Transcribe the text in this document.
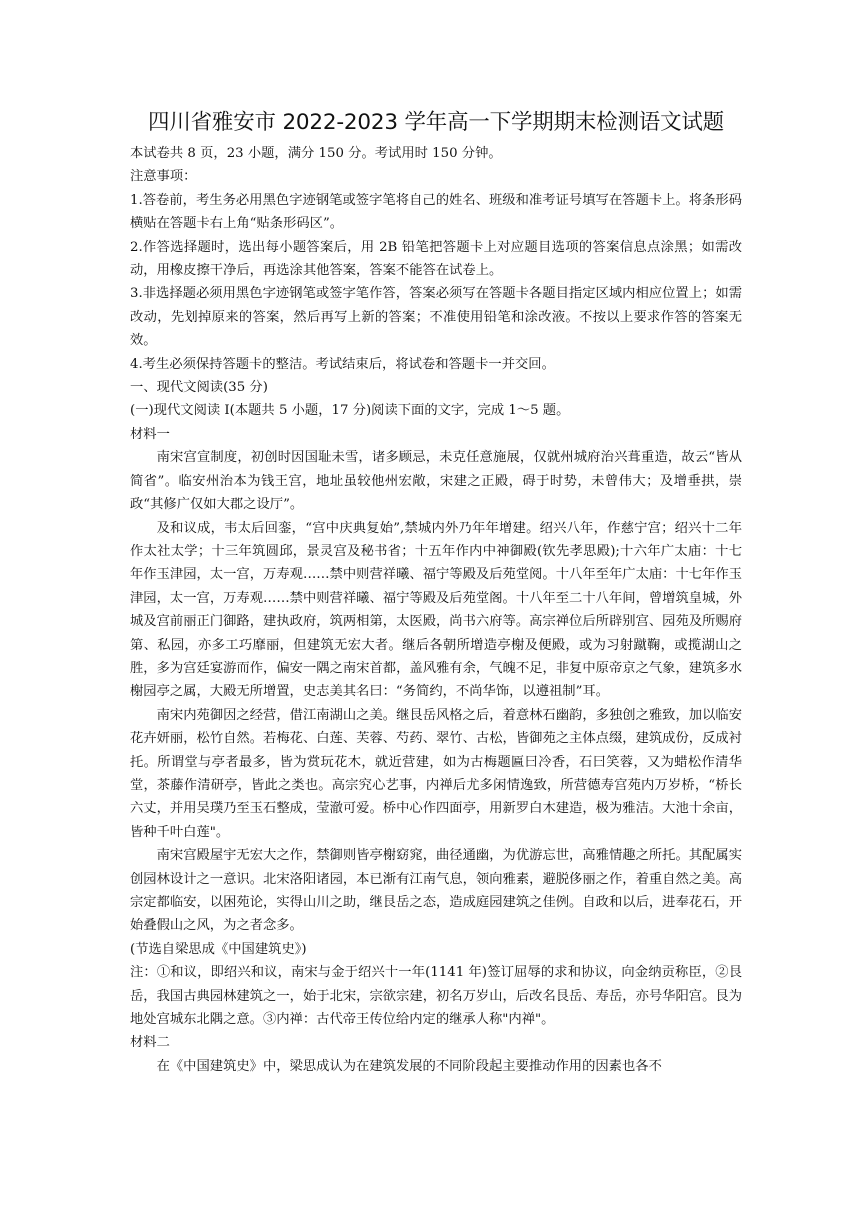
四川省雅安市 2022-2023 学年高一下学期期末检测语文试题

本试卷共 8 页，23 小题，满分 150 分。考试用时 150 分钟。

注意事项：

1.答卷前，考生务必用黑色字迹钢笔或签字笔将自己的姓名、班级和准考证号填写在答题卡上。将条形码横贴在答题卡右上角“贴条形码区”。

2.作答选择题时，选出每小题答案后，用 2B 铅笔把答题卡上对应题目选项的答案信息点涂黑；如需改动，用橡皮擦干净后，再选涂其他答案，答案不能答在试卷上。

3.非选择题必须用黑色字迹钢笔或签字笔作答，答案必须写在答题卡各题目指定区域内相应位置上；如需改动，先划掉原来的答案，然后再写上新的答案；不准使用铅笔和涂改液。不按以上要求作答的答案无效。

4.考生必须保持答题卡的整洁。考试结束后，将试卷和答题卡一并交回。

一、现代文阅读(35 分)

(一)现代文阅读 I(本题共 5 小题，17 分)阅读下面的文字，完成 1～5 题。

材料一

南宋宫宣制度，初创时因国耻未雪，诸多顾忌，未克任意施展，仅就州城府治兴葺重造，故云“皆从简省”。临安州治本为钱王宫，地址虽较他州宏敞，宋建之正殿，碍于时势，未曾伟大；及增垂拱，崇政“其修广仅如大郡之设厅”。

及和议成，韦太后回銮，“宫中庆典复始”,禁城内外乃年年增建。绍兴八年，作慈宁宫；绍兴十二年作太社太学；十三年筑圆邱，景灵宫及秘书省；十五年作内中神御殿(钦先孝思殿);十六年广太庙：十七年作玉津园，太一宫，万寿观……禁中则营祥曦、福宁等殿及后苑堂阅。十八年至年广太庙：十七年作玉津园，太一宫，万寿观……禁中则营祥曦、福宁等殿及后苑堂阁。十八年至二十八年间，曾增筑皇城，外城及宫前丽正门御路，建执政府，筑两相第，太医殿，尚书六府等。高宗禅位后所辟别宫、园苑及所赐府第、私园，亦多工巧靡丽，但建筑无宏大者。继后各朝所增造亭榭及便殿，或为习射蹴鞠，或揽湖山之胜，多为宫廷宴游而作，偏安一隅之南宋首都，盖风雅有余，气魄不足，非复中原帝京之气象，建筑多水榭园亭之属，大殿无所增置，史志美其名曰：“务简约，不尚华饰，以遵祖制”耳。

南宋内苑御因之经营，借江南湖山之美。继艮岳风格之后，着意林石幽韵，多独创之雅致，加以临安花卉妍丽，松竹自然。若梅花、白莲、芙蓉、芍药、翠竹、古松，皆御苑之主体点缀，建筑成份，反成衬托。所谓堂与亭者最多，皆为赏玩花木，就近营建，如为古梅题匾曰冷香，石曰笑蓉，又为蜡松作清华堂，茶藤作清研亭，皆此之类也。高宗究心艺事，内禅后尤多闲情逸致，所营德寿宫苑内万岁桥，“桥长六丈，并用吴璞乃至玉石整成，莹澈可爱。桥中心作四面亭，用新罗白木建造，极为雅洁。大池十余亩，皆种千叶白莲"。

南宋宫殿屋宇无宏大之作，禁御则皆亭榭窈窕，曲径通幽，为优游忘世，高雅情趣之所托。其配属实创园林设计之一意识。北宋洛阳诸园，本已渐有江南气息，领向雅素，避脱侈丽之作，着重自然之美。高宗定都临安，以困苑论，实得山川之助，继艮岳之态，造成庭园建筑之佳例。自政和以后，进奉花石，开始叠假山之风，为之者念多。

(节选自梁思成《中国建筑史》)

注：①和议，即绍兴和议，南宋与金于绍兴十一年(1141 年)签订屈辱的求和协议，向金纳贡称臣，②艮岳，我国古典园林建筑之一，始于北宋，宗欲宗建，初名万岁山，后改名艮岳、寿岳，亦号华阳宫。艮为地处宫城东北隅之意。③内禅：古代帝王传位给内定的继承人称"内禅"。

材料二

在《中国建筑史》中，梁思成认为在建筑发展的不同阶段起主要推动作用的因素也各不
